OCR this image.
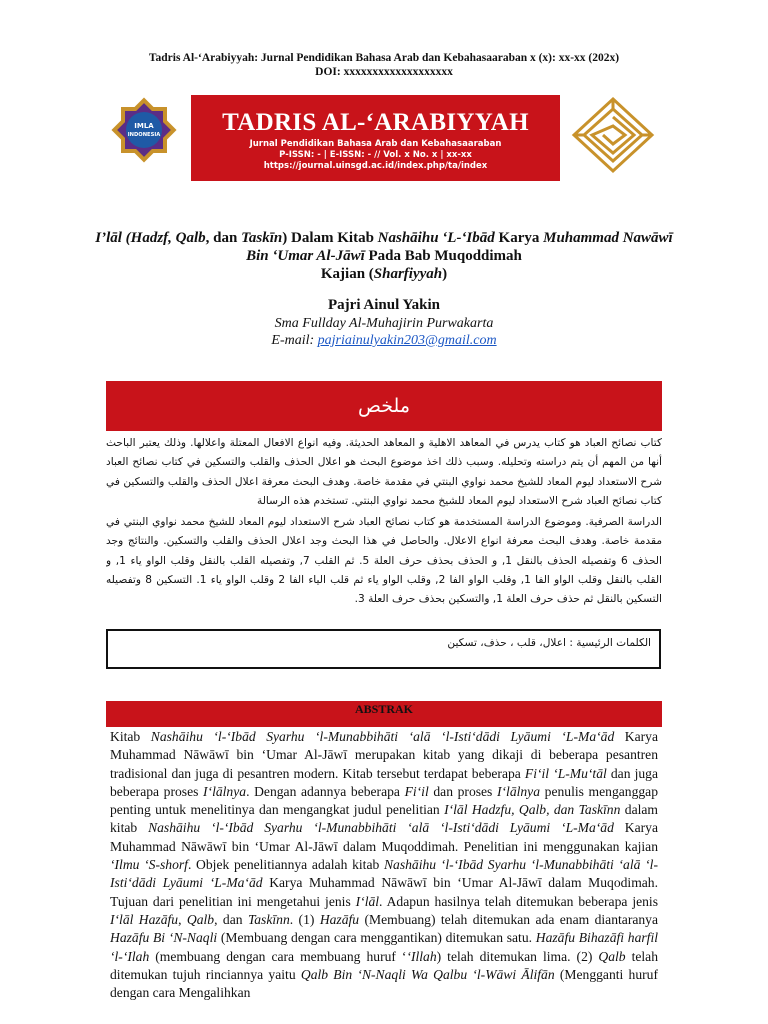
Tadris Al-‘Arabiyyah: Jurnal Pendidikan Bahasa Arab dan Kebahasaaraban x (x): xx-xx (202x)
DOI: xxxxxxxxxxxxxxxxxxx
IMLA
INDONESIA	TADRIS AL-‘ARABIYYAH
Jurnal Pendidikan Bahasa Arab dan Kebahasaaraban
P-ISSN: - | E-ISSN: - // Vol. x No. x | xx-xx
https://journal.uinsgd.ac.id/index.php/ta/index
I’lāl (Hadzf, Qalb, dan Taskīn) Dalam Kitab Nashāihu ‘L-‘Ibād Karya Muhammad Nawāwī
Bin ‘Umar Al-Jāwī Pada Bab Muqoddimah
Kajian (Sharfiyyah)
Pajri Ainul Yakin
Sma Fullday Al-Muhajirin Purwakarta
E-mail: pajriainulyakin203@gmail.com
ملخص
كتاب نصائح العباد هو كتاب يدرس في المعاهد الاهلية و المعاهد الحديثة. وفيه انواع الافعال المعتلة واعلالها. وذلك يعتبر الباحث أنها من المهم أن يتم دراسته وتحليله. وسبب ذلك اخذ موضوع البحث هو اعلال الحذف والقلب والتسكين في كتاب نصائح العباد شرح الاستعداد ليوم المعاد للشيخ محمد نواوي البنتي في مقدمة خاصة. وهدف البحث معرفة اعلال الحذف والقلب والتسكين في كتاب نصائح العباد شرح الاستعداد ليوم المعاد للشيخ محمد نواوي البنتي. تستخدم هذه الرسالة
الدراسة الصرفية. وموضوع الدراسة المستخدمة هو كتاب نصائح العباد شرح الاستعداد ليوم المعاد للشيخ محمد نواوي البنتي في مقدمة خاصة. وهدف البحث معرفة انواع الاعلال. والحاصل في هذا البحث وجد اعلال الحذف والقلب والتسكين. والنتائج وجد الحذف 6 وتفصيله الحذف بالنقل 1, و الحذف بحذف حرف العلة 5. ثم القلب 7, وتفصيله القلب بالنقل وقلب الواو ياء 1, و القلب بالنقل وقلب الواو الفا 1, وقلب الواو الفا 2, وقلب الواو ياء ثم قلب الياء الفا 2 وقلب الواو ياء 1. التسكين 8 وتفصيله التسكين بالنقل ثم حذف حرف العلة 1, والتسكين بحذف حرف العلة 3.
الكلمات الرئيسية : اعلال، قلب ، حذف، تسكين
ABSTRAK
Kitab Nashāihu ‘l-‘Ibād Syarhu ‘l-Munabbihāti ‘alā ‘l-Isti‘dādi Lyāumi ‘L-Ma‘ād Karya Muhammad Nāwāwī bin ‘Umar Al-Jāwī merupakan kitab yang dikaji di beberapa pesantren tradisional dan juga di pesantren modern. Kitab tersebut terdapat beberapa Fi‘il ‘L-Mu‘tāl dan juga beberapa proses I‘lālnya. Dengan adannya beberapa Fi‘il dan proses I‘lālnya penulis menganggap penting untuk menelitinya dan mengangkat judul penelitian I‘lāl Hadzfu, Qalb, dan Taskīnn dalam kitab Nashāihu ‘l-‘Ibād Syarhu ‘l-Munabbihāti ‘alā ‘l-Isti‘dādi Lyāumi ‘L-Ma‘ād Karya Muhammad Nāwāwī bin ‘Umar Al-Jāwī dalam Muqoddimah. Penelitian ini menggunakan kajian ‘Ilmu ‘S-shorf. Objek penelitiannya adalah kitab Nashāihu ‘l-‘Ibād Syarhu ‘l-Munabbihāti ‘alā ‘l-Isti‘dādi Lyāumi ‘L-Ma‘ād Karya Muhammad Nāwāwī bin ‘Umar Al-Jāwī dalam Muqodimah. Tujuan dari penelitian ini mengetahui jenis I‘lāl. Adapun hasilnya telah ditemukan beberapa jenis I‘lāl Hazāfu, Qalb, dan Taskīnn. (1) Hazāfu (Membuang) telah ditemukan ada enam diantaranya Hazāfu Bi ‘N-Naqli (Membuang dengan cara menggantikan) ditemukan satu. Hazāfu Bihazāfi harfil ‘l-‘Ilah (membuang dengan cara membuang huruf ‘‘Illah) telah ditemukan lima. (2) Qalb telah ditemukan tujuh rinciannya yaitu Qalb Bin ‘N-Naqli Wa Qalbu ‘l-Wāwi Ālifān (Mengganti huruf dengan cara Mengalihkan
